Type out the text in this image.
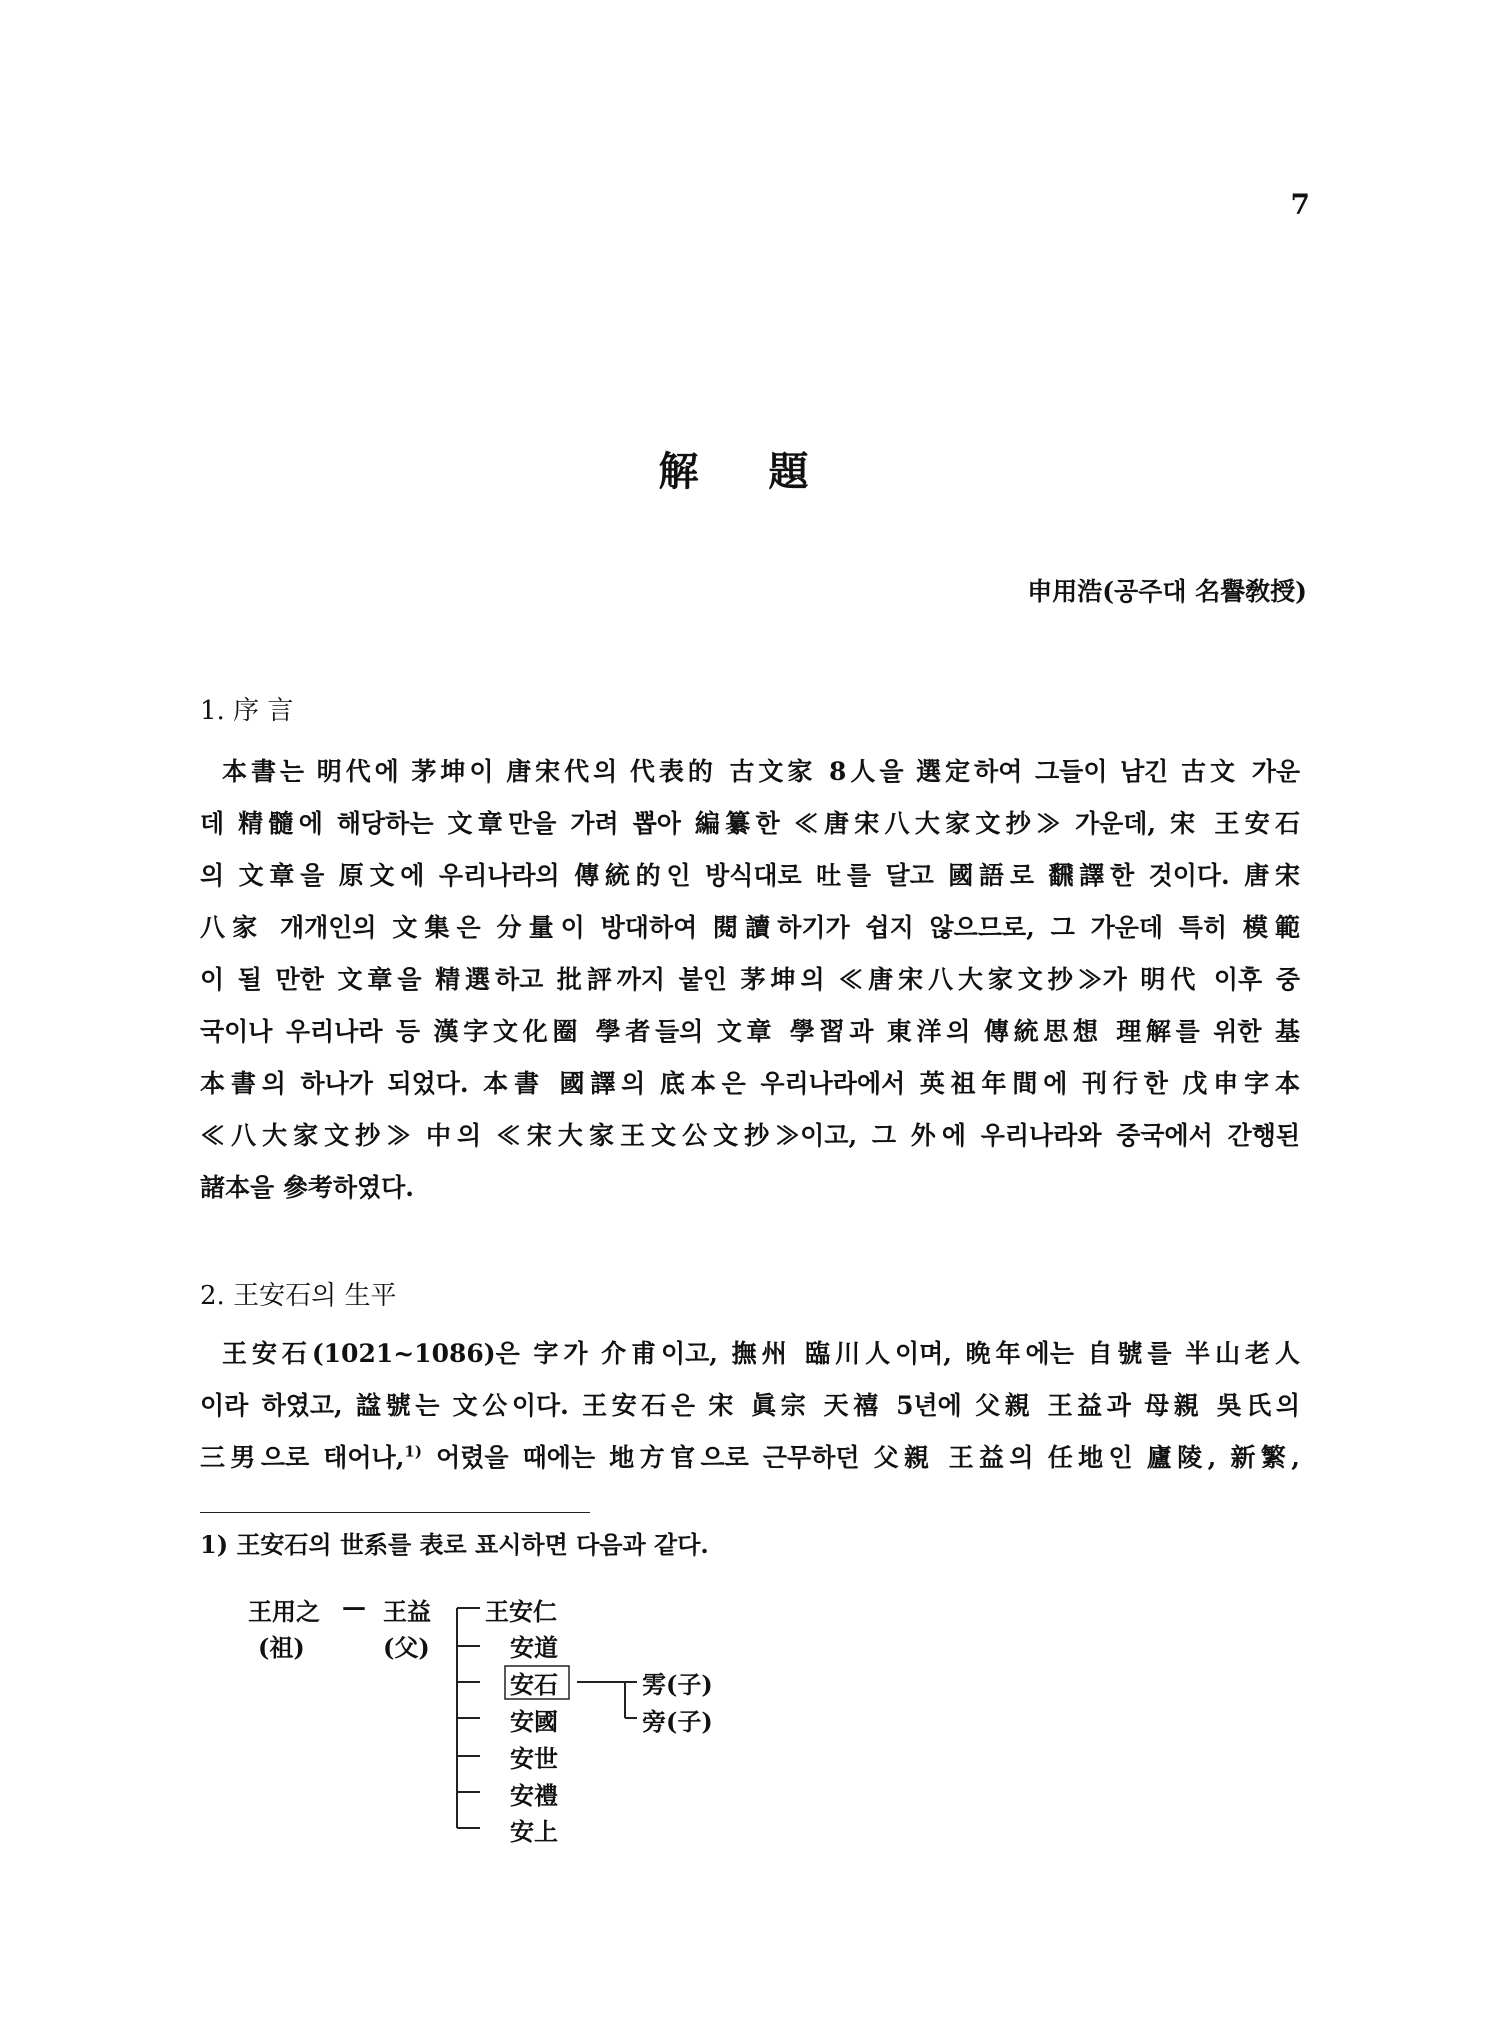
7
解 題
申用浩(공주대 名譽敎授)
1. 序 言
本書는 明代에 茅坤이 唐宋代의 代表的 古文家 8人을 選定하여 그들이 남긴 古文 가운
데 精髓에 해당하는 文章만을 가려 뽑아 編纂한 ≪唐宋八大家文抄≫ 가운데, 宋 王安石
의 文章을 原文에 우리나라의 傳統的인 방식대로 吐를 달고 國語로 飜譯한 것이다. 唐宋
八家 개개인의 文集은 分量이 방대하여 閱讀하기가 쉽지 않으므로, 그 가운데 특히 模範
이 될 만한 文章을 精選하고 批評까지 붙인 茅坤의 ≪唐宋八大家文抄≫가 明代 이후 중
국이나 우리나라 등 漢字文化圈 學者들의 文章 學習과 東洋의 傳統思想 理解를 위한 基
本書의 하나가 되었다. 本書 國譯의 底本은 우리나라에서 英祖年間에 刊行한 戊申字本
≪八大家文抄≫ 中의 ≪宋大家王文公文抄≫이고, 그 外에 우리나라와 중국에서 간행된
諸本을 參考하였다.
2. 王安石의 生平
王安石(1021~1086)은 字가 介甫이고, 撫州 臨川人이며, 晩年에는 自號를 半山老人
이라 하였고, 諡號는 文公이다. 王安石은 宋 眞宗 天禧 5년에 父親 王益과 母親 吳氏의
三男으로 태어나,$^{1)}$ 어렸을 때에는 地方官으로 근무하던 父親 王益의 任地인 廬陵, 新繁,
1) 王安石의 世系를 表로 표시하면 다음과 같다.
王用之
(祖)
— 王益
(父)
王安仁
安道
安石
安國
安世
安禮
安上
雱(子)
旁(子)
